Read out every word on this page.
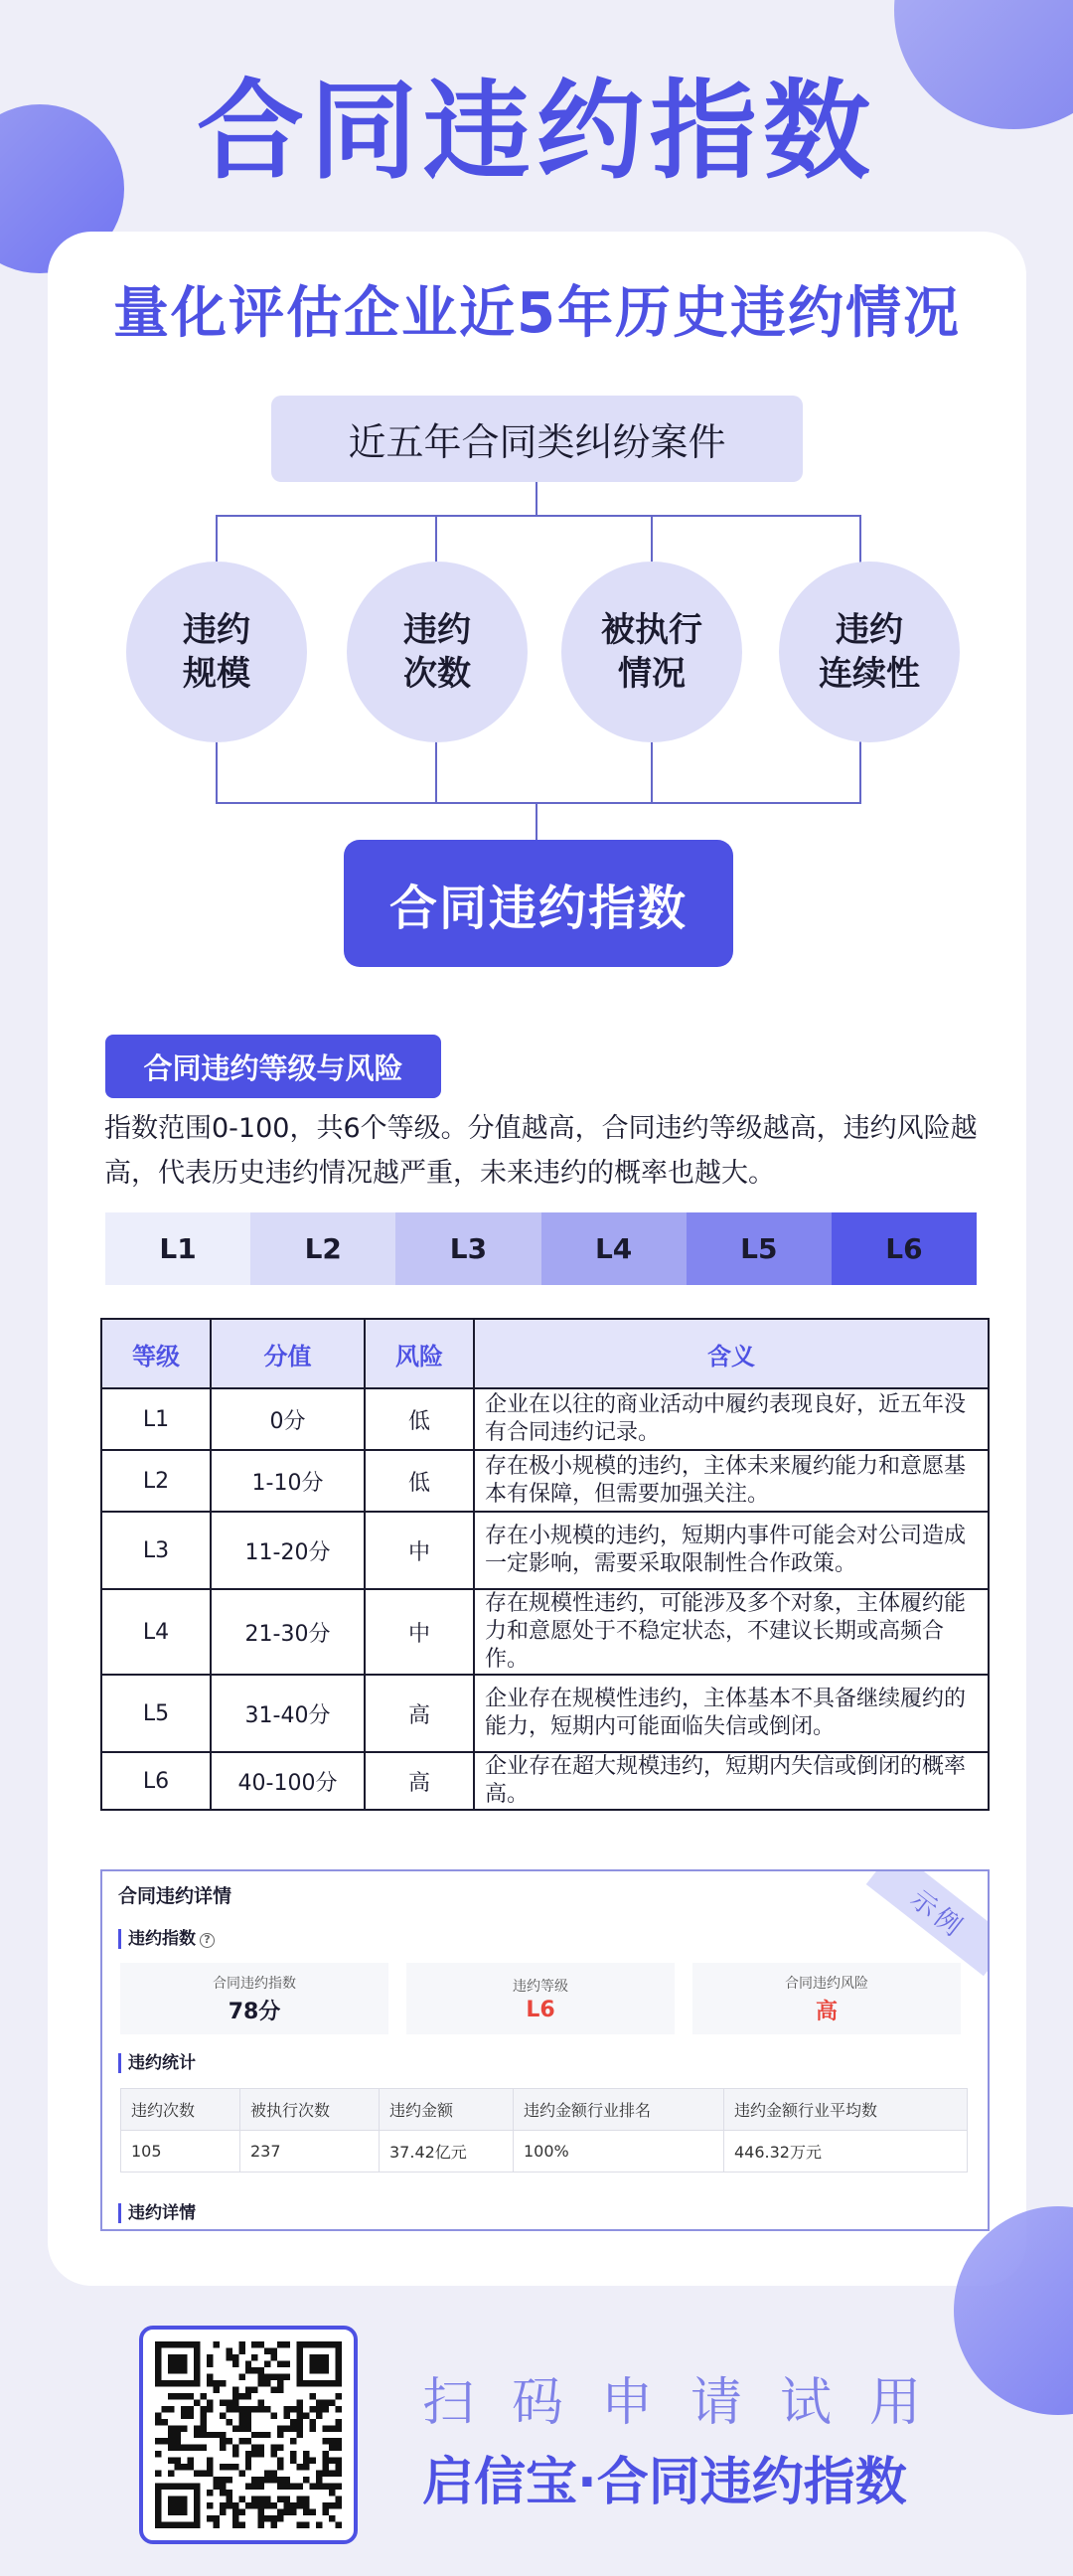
合同违约指数
量化评估企业近5年历史违约情况
近五年合同类纠纷案件
违约
规模
违约
次数
被执行
情况
违约
连续性
合同违约指数
合同违约等级与风险
指数范围0-100，共6个等级。分值越高，合同违约等级越高，违约风险越高，代表历史违约情况越严重，未来违约的概率也越大。
L1	L2	L3	L4	L5	L6
等级	分值	风险	含义
L1	0分	低	企业在以往的商业活动中履约表现良好，近五年没有合同违约记录。
L2	1-10分	低	存在极小规模的违约，主体未来履约能力和意愿基本有保障，但需要加强关注。
L3	11-20分	中	存在小规模的违约，短期内事件可能会对公司造成一定影响，需要采取限制性合作政策。
L4	21-30分	中	存在规模性违约，可能涉及多个对象，主体履约能力和意愿处于不稳定状态，不建议长期或高频合作。
L5	31-40分	高	企业存在规模性违约，主体基本不具备继续履约的能力，短期内可能面临失信或倒闭。
L6	40-100分	高	企业存在超大规模违约，短期内失信或倒闭的概率高。
示例
合同违约详情
违约指数 ?
合同违约指数
78分
违约等级
L6
合同违约风险
高
违约统计
违约次数	被执行次数	违约金额	违约金额行业排名	违约金额行业平均数
105	237	37.42亿元	100%	446.32万元
违约详情
扫码申请试用
启信宝·合同违约指数
